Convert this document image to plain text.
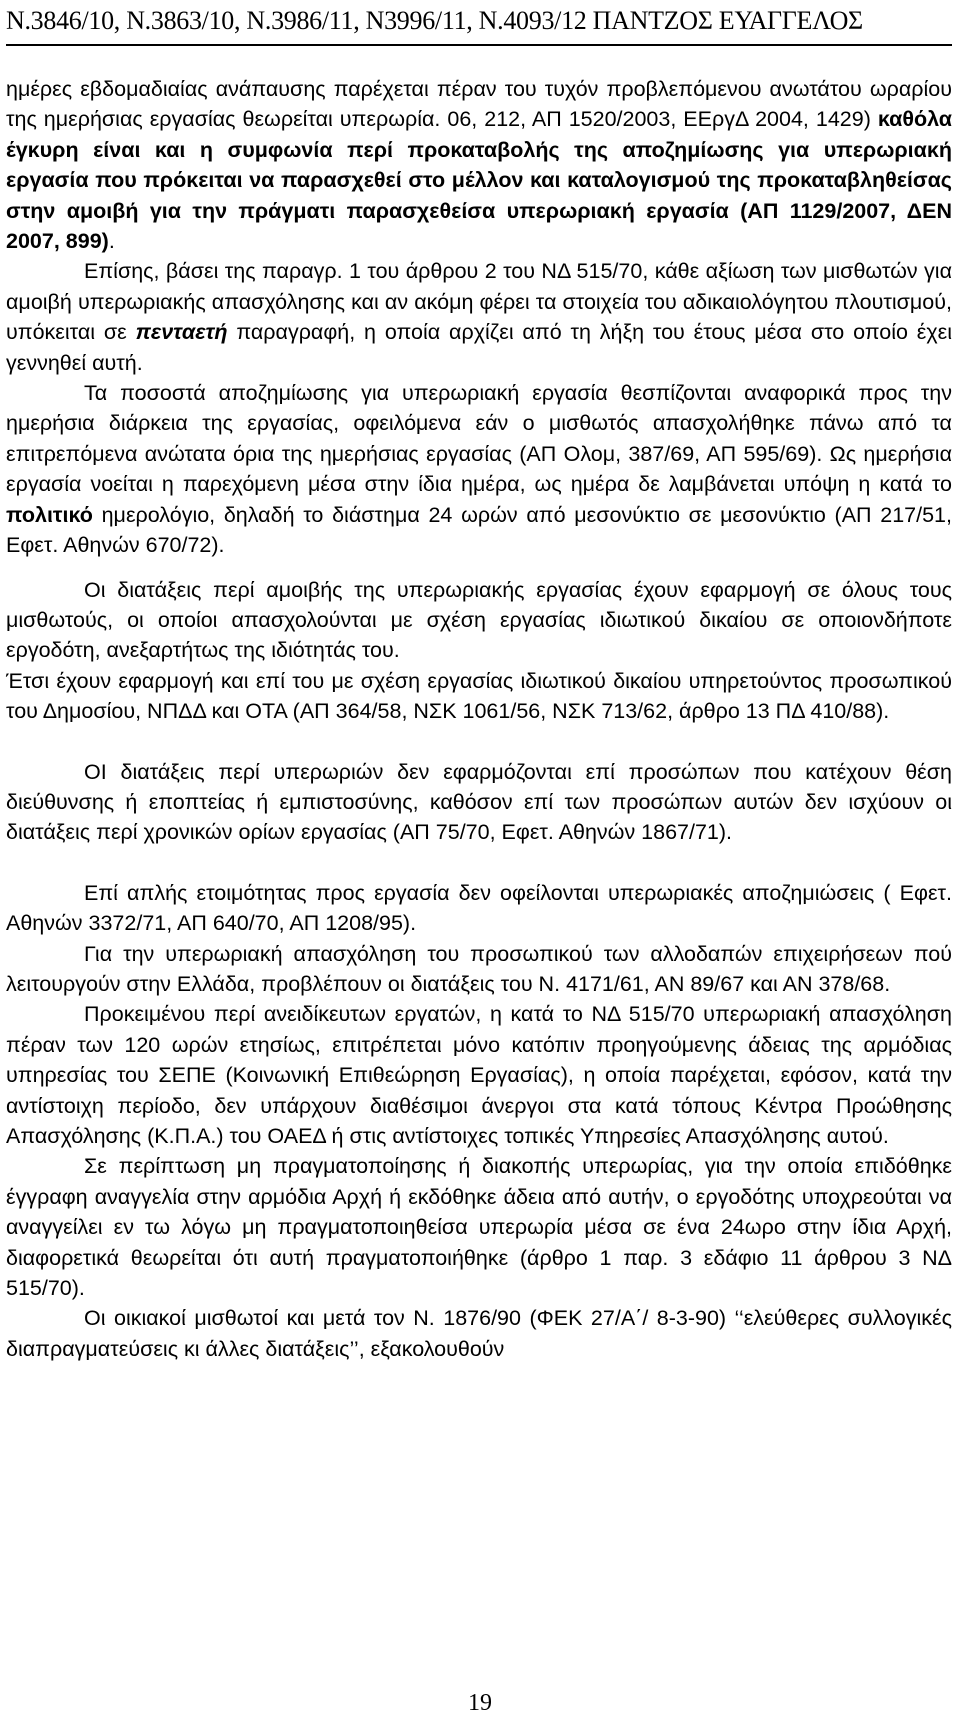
Ν.3846/10, Ν.3863/10, Ν.3986/11, Ν3996/11, Ν.4093/12 ΠΑΝΤΖΟΣ ΕΥΑΓΓΕΛΟΣ

ημέρες εβδομαδιαίας ανάπαυσης παρέχεται πέραν του τυχόν προβλεπόμενου ανωτάτου ωραρίου της ημερήσιας εργασίας θεωρείται υπερωρία. 06, 212, ΑΠ 1520/2003, ΕΕργΔ 2004, 1429) καθόλα έγκυρη είναι και η συμφωνία περί προκαταβολής της αποζημίωσης για υπερωριακή εργασία που πρόκειται να παρασχεθεί στο μέλλον και καταλογισμού της προκαταβληθείσας στην αμοιβή για την πράγματι παρασχεθείσα υπερωριακή εργασία (ΑΠ 1129/2007, ΔΕΝ 2007, 899).

Επίσης, βάσει της παραγρ. 1 του άρθρου 2 του ΝΔ 515/70, κάθε αξίωση των μισθωτών για αμοιβή υπερωριακής απασχόλησης και αν ακόμη φέρει τα στοιχεία του αδικαιολόγητου πλουτισμού, υπόκειται σε πενταετή παραγραφή, η οποία αρχίζει από τη λήξη του έτους μέσα στο οποίο έχει γεννηθεί αυτή.

Τα ποσοστά αποζημίωσης για υπερωριακή εργασία θεσπίζονται αναφορικά προς την ημερήσια διάρκεια της εργασίας, οφειλόμενα εάν ο μισθωτός απασχολήθηκε πάνω από τα επιτρεπόμενα ανώτατα όρια της ημερήσιας εργασίας (ΑΠ Ολομ, 387/69, ΑΠ 595/69). Ως ημερήσια εργασία νοείται η παρεχόμενη μέσα στην ίδια ημέρα, ως ημέρα δε λαμβάνεται υπόψη η κατά το πολιτικό ημερολόγιο, δηλαδή το διάστημα 24 ωρών από μεσονύκτιο σε μεσονύκτιο (ΑΠ 217/51, Εφετ. Αθηνών 670/72).

Οι διατάξεις περί αμοιβής της υπερωριακής εργασίας έχουν εφαρμογή σε όλους τους μισθωτούς, οι οποίοι απασχολούνται με σχέση εργασίας ιδιωτικού δικαίου σε οποιονδήποτε εργοδότη, ανεξαρτήτως της ιδιότητάς του.

Έτσι έχουν εφαρμογή και επί του με σχέση εργασίας ιδιωτικού δικαίου υπηρετούντος προσωπικού του Δημοσίου, ΝΠΔΔ και ΟΤΑ (ΑΠ 364/58, ΝΣΚ 1061/56, ΝΣΚ 713/62, άρθρο 13 ΠΔ 410/88).

ΟΙ διατάξεις περί υπερωριών δεν εφαρμόζονται επί προσώπων που κατέχουν θέση διεύθυνσης ή εποπτείας ή εμπιστοσύνης, καθόσον επί των προσώπων αυτών δεν ισχύουν οι διατάξεις περί χρονικών ορίων εργασίας (ΑΠ 75/70, Εφετ. Αθηνών 1867/71).

Επί απλής ετοιμότητας προς εργασία δεν οφείλονται υπερωριακές αποζημιώσεις ( Εφετ. Αθηνών 3372/71, ΑΠ 640/70, ΑΠ 1208/95).

Για την υπερωριακή απασχόληση του προσωπικού των αλλοδαπών επιχειρήσεων πού λειτουργούν στην Ελλάδα, προβλέπουν οι διατάξεις του Ν. 4171/61, ΑΝ 89/67 και ΑΝ 378/68.

Προκειμένου περί ανειδίκευτων εργατών, η κατά το ΝΔ 515/70 υπερωριακή απασχόληση πέραν των 120 ωρών ετησίως, επιτρέπεται μόνο κατόπιν προηγούμενης άδειας της αρμόδιας υπηρεσίας του ΣΕΠΕ (Κοινωνική Επιθεώρηση Εργασίας), η οποία παρέχεται, εφόσον, κατά την αντίστοιχη περίοδο, δεν υπάρχουν διαθέσιμοι άνεργοι στα κατά τόπους Κέντρα Προώθησης Απασχόλησης (Κ.Π.Α.) του ΟΑΕΔ ή στις αντίστοιχες τοπικές Υπηρεσίες Απασχόλησης αυτού.

Σε περίπτωση μη πραγματοποίησης ή διακοπής υπερωρίας, για την οποία επιδόθηκε έγγραφη αναγγελία στην αρμόδια Αρχή ή εκδόθηκε άδεια από αυτήν, ο εργοδότης υποχρεούται να αναγγείλει εν τω λόγω μη πραγματοποιηθείσα υπερωρία μέσα σε ένα 24ωρο στην ίδια Αρχή, διαφορετικά θεωρείται ότι αυτή πραγματοποιήθηκε (άρθρο 1 παρ. 3 εδάφιο 11 άρθρου 3 ΝΔ 515/70).

Οι οικιακοί μισθωτοί και μετά τον Ν. 1876/90 (ΦΕΚ 27/Α΄/ 8-3-90) ‘‘ελεύθερες συλλογικές διαπραγματεύσεις κι άλλες διατάξεις’’, εξακολουθούν

19
